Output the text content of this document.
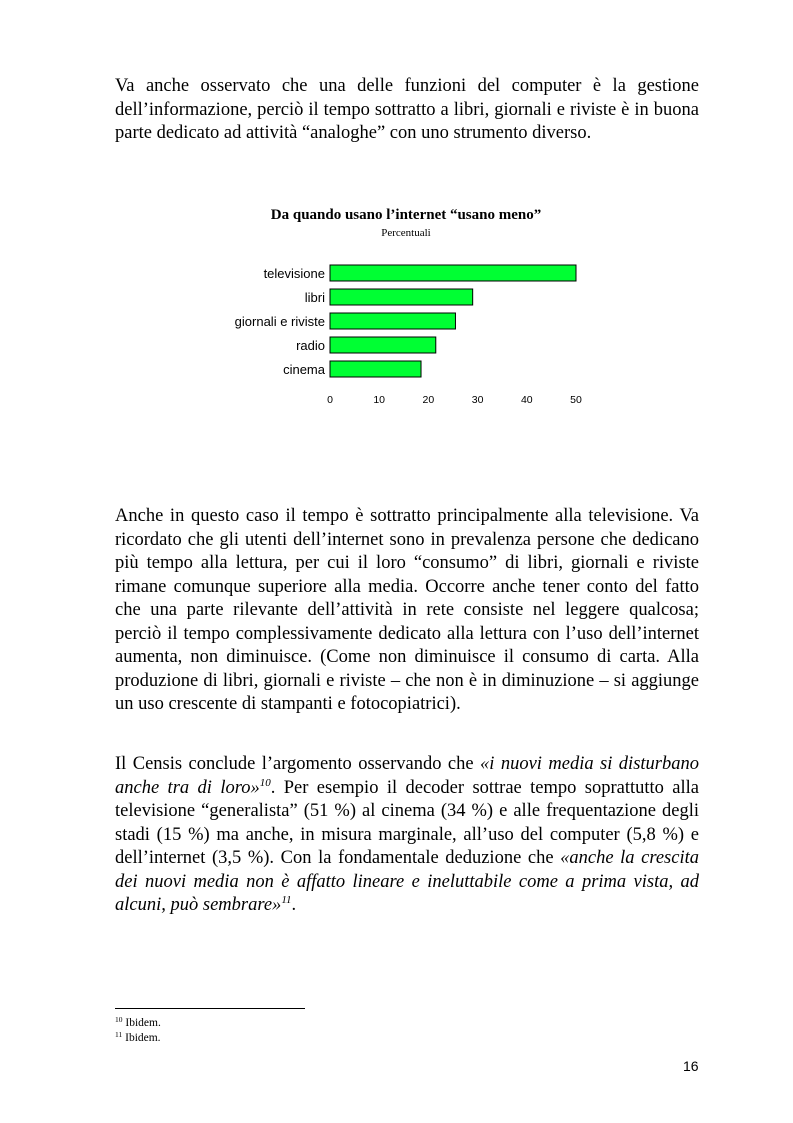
Va anche osservato che una delle funzioni del computer è la gestione dell’informazione, perciò il tempo sottratto a libri, giornali e riviste è in buona parte dedicato ad attività “analoghe” con uno strumento diverso.

Da quando usano l’internet “usano meno”
Percentuali
televisione
libri
giornali e riviste
radio
cinema
0	10	20	30	40	50

Anche in questo caso il tempo è sottratto principalmente alla televisione. Va ricordato che gli utenti dell’internet sono in prevalenza persone che dedicano più tempo alla lettura, per cui il loro “consumo” di libri, giornali e riviste rimane comunque superiore alla media. Occorre anche tener conto del fatto che una parte rilevante dell’attività in rete consiste nel leggere qualcosa; perciò il tempo complessivamente dedicato alla lettura con l’uso dell’internet aumenta, non diminuisce. (Come non diminuisce il consumo di carta. Alla produzione di libri, giornali e riviste – che non è in diminuzione – si aggiunge un uso crescente di stampanti e fotocopiatrici).

Il Censis conclude l’argomento osservando che «i nuovi media si disturbano anche tra di loro»$^{10}$. Per esempio il decoder sottrae tempo soprattutto alla televisione “generalista” (51 %) al cinema (34 %) e alle frequentazione degli stadi (15 %) ma anche, in misura marginale, all’uso del computer (5,8 %) e dell’internet (3,5 %). Con la fondamentale deduzione che «anche la crescita dei nuovi media non è affatto lineare e ineluttabile come a prima vista, ad alcuni, può sembrare»$^{11}$.

$^{10}$ Ibidem.
$^{11}$ Ibidem.
16
